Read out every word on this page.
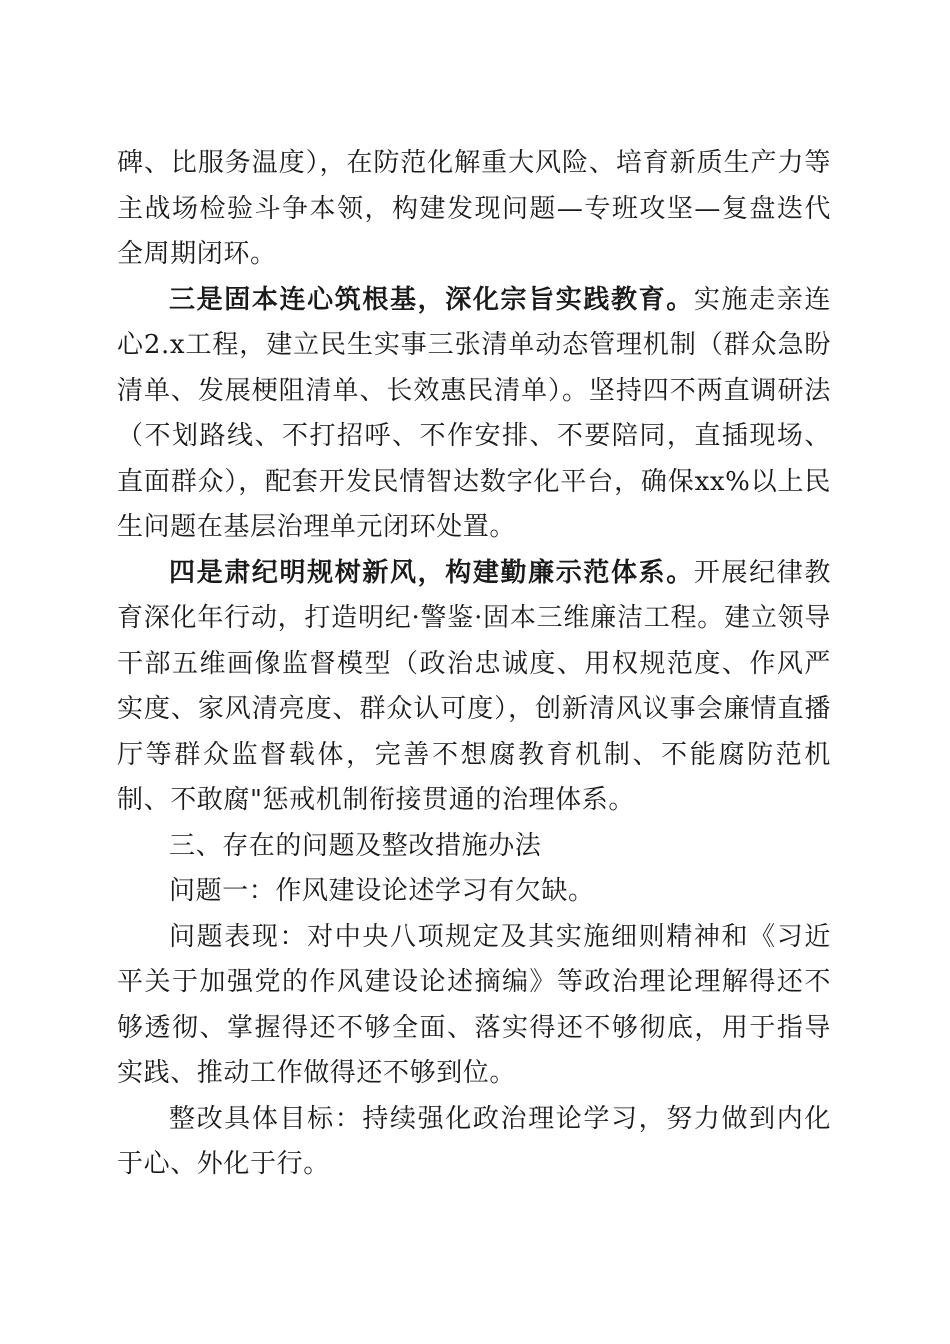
碑、比服务温度），在防范化解重大风险、培育新质生产力等主战场检验斗争本领，构建发现问题—专班攻坚—复盘迭代全周期闭环。

三是固本连心筑根基，深化宗旨实践教育。实施走亲连心2.x工程，建立民生实事三张清单动态管理机制（群众急盼清单、发展梗阻清单、长效惠民清单）。坚持四不两直调研法（不划路线、不打招呼、不作安排、不要陪同，直插现场、直面群众），配套开发民情智达数字化平台，确保xx%以上民生问题在基层治理单元闭环处置。

四是肃纪明规树新风，构建勤廉示范体系。开展纪律教育深化年行动，打造明纪·警鉴·固本三维廉洁工程。建立领导干部五维画像监督模型（政治忠诚度、用权规范度、作风严实度、家风清亮度、群众认可度），创新清风议事会廉情直播厅等群众监督载体，完善不想腐教育机制、不能腐防范机制、不敢腐"惩戒机制衔接贯通的治理体系。

三、存在的问题及整改措施办法

问题一：作风建设论述学习有欠缺。

问题表现：对中央八项规定及其实施细则精神和《习近平关于加强党的作风建设论述摘编》等政治理论理解得还不够透彻、掌握得还不够全面、落实得还不够彻底，用于指导实践、推动工作做得还不够到位。

整改具体目标：持续强化政治理论学习，努力做到内化于心、外化于行。
